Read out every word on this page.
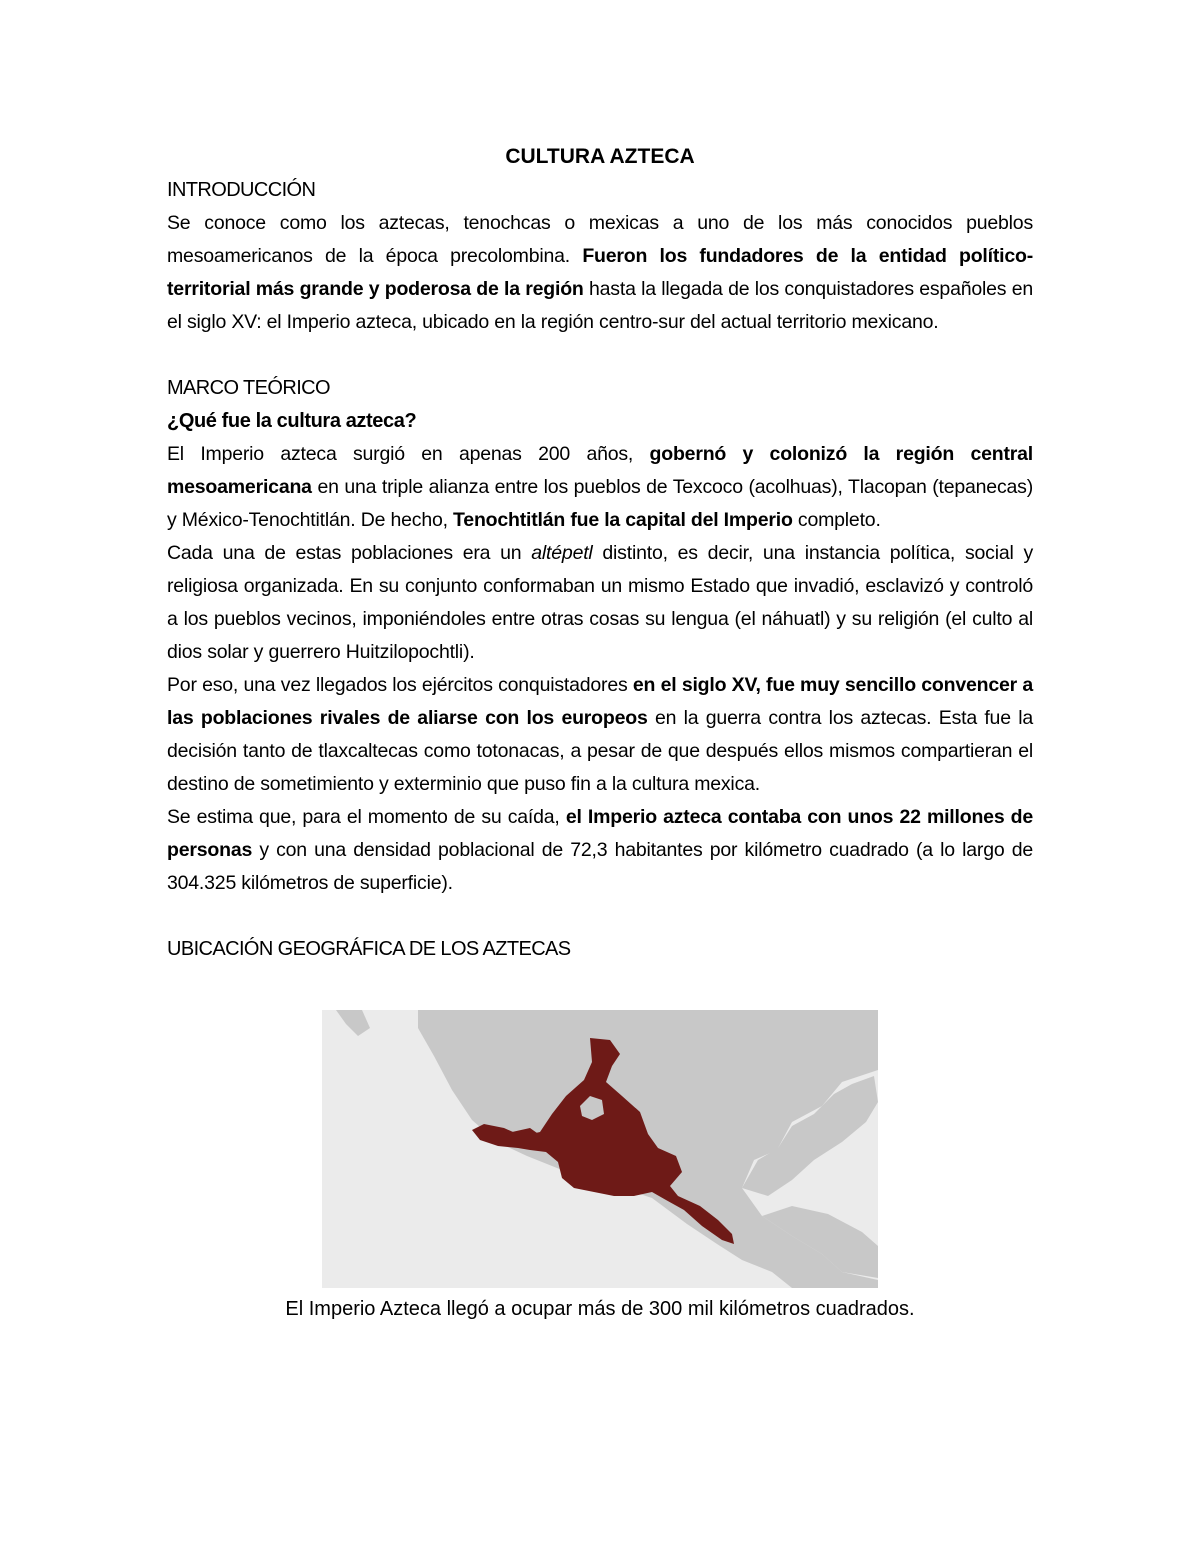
CULTURA AZTECA

INTRODUCCIÓN

Se conoce como los aztecas, tenochcas o mexicas a uno de los más conocidos pueblos mesoamericanos de la época precolombina. Fueron los fundadores de la entidad político-territorial más grande y poderosa de la región hasta la llegada de los conquistadores españoles en el siglo XV: el Imperio azteca, ubicado en la región centro-sur del actual territorio mexicano.

MARCO TEÓRICO

¿Qué fue la cultura azteca?

El Imperio azteca surgió en apenas 200 años, gobernó y colonizó la región central mesoamericana en una triple alianza entre los pueblos de Texcoco (acolhuas), Tlacopan (tepanecas) y México-Tenochtitlán. De hecho, Tenochtitlán fue la capital del Imperio completo.

Cada una de estas poblaciones era un altépetl distinto, es decir, una instancia política, social y religiosa organizada. En su conjunto conformaban un mismo Estado que invadió, esclavizó y controló a los pueblos vecinos, imponiéndoles entre otras cosas su lengua (el náhuatl) y su religión (el culto al dios solar y guerrero Huitzilopochtli).

Por eso, una vez llegados los ejércitos conquistadores en el siglo XV, fue muy sencillo convencer a las poblaciones rivales de aliarse con los europeos en la guerra contra los aztecas. Esta fue la decisión tanto de tlaxcaltecas como totonacas, a pesar de que después ellos mismos compartieran el destino de sometimiento y exterminio que puso fin a la cultura mexica.

Se estima que, para el momento de su caída, el Imperio azteca contaba con unos 22 millones de personas y con una densidad poblacional de 72,3 habitantes por kilómetro cuadrado (a lo largo de 304.325 kilómetros de superficie).

UBICACIÓN GEOGRÁFICA DE LOS AZTECAS

El Imperio Azteca llegó a ocupar más de 300 mil kilómetros cuadrados.
